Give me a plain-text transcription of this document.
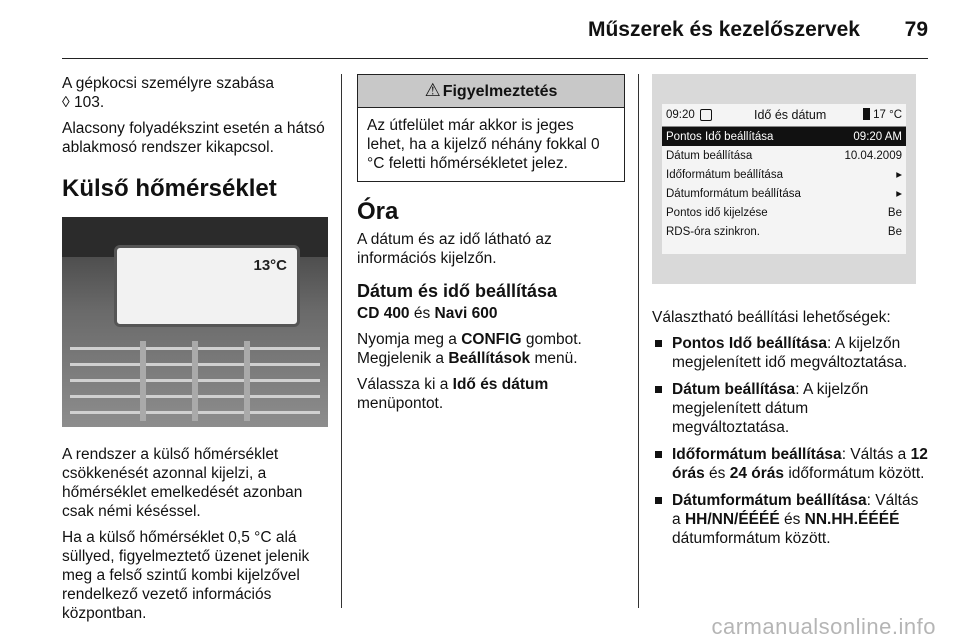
Műszerek és kezelőszervek 79

A gépkocsi személyre szabása
◊ 103.

Alacsony folyadékszint esetén a hátsó ablakmosó rendszer kikapcsol.

Külső hőmérséklet
13°C

A rendszer a külső hőmérséklet csökkenését azonnal kijelzi, a hőmérséklet emelkedését azonban csak némi késéssel.

Ha a külső hőmérséklet 0,5 °C alá süllyed, figyelmeztető üzenet jelenik meg a felső szintű kombi kijelzővel rendelkező vezető információs központban.

⚠ Figyelmeztetés

Az útfelület már akkor is jeges lehet, ha a kijelző néhány fokkal 0 °C feletti hőmérsékletet jelez.

Óra

A dátum és az idő látható az információs kijelzőn.

Dátum és idő beállítása

CD 400 és Navi 600

Nyomja meg a CONFIG gombot. Megjelenik a Beállítások menü.

Válassza ki a Idő és dátum menüpontot.

09:20	Idő és dátum	17 °C
Pontos Idő beállítása	09:20 AM
Dátum beállítása	10.04.2009
Időformátum beállítása	▸
Dátumformátum beállítása	▸
Pontos idő kijelzése	Be
RDS-óra szinkron.	Be

Választható beállítási lehetőségek:

Pontos Idő beállítása: A kijelzőn megjelenített idő megváltoztatása.
Dátum beállítása: A kijelzőn megjelenített dátum megváltoztatása.
Időformátum beállítása: Váltás a 12 órás és 24 órás időformátum között.
Dátumformátum beállítása: Váltás a HH/NN/ÉÉÉÉ és NN.HH.ÉÉÉÉ dátumformátum között.
carmanualsonline.info
